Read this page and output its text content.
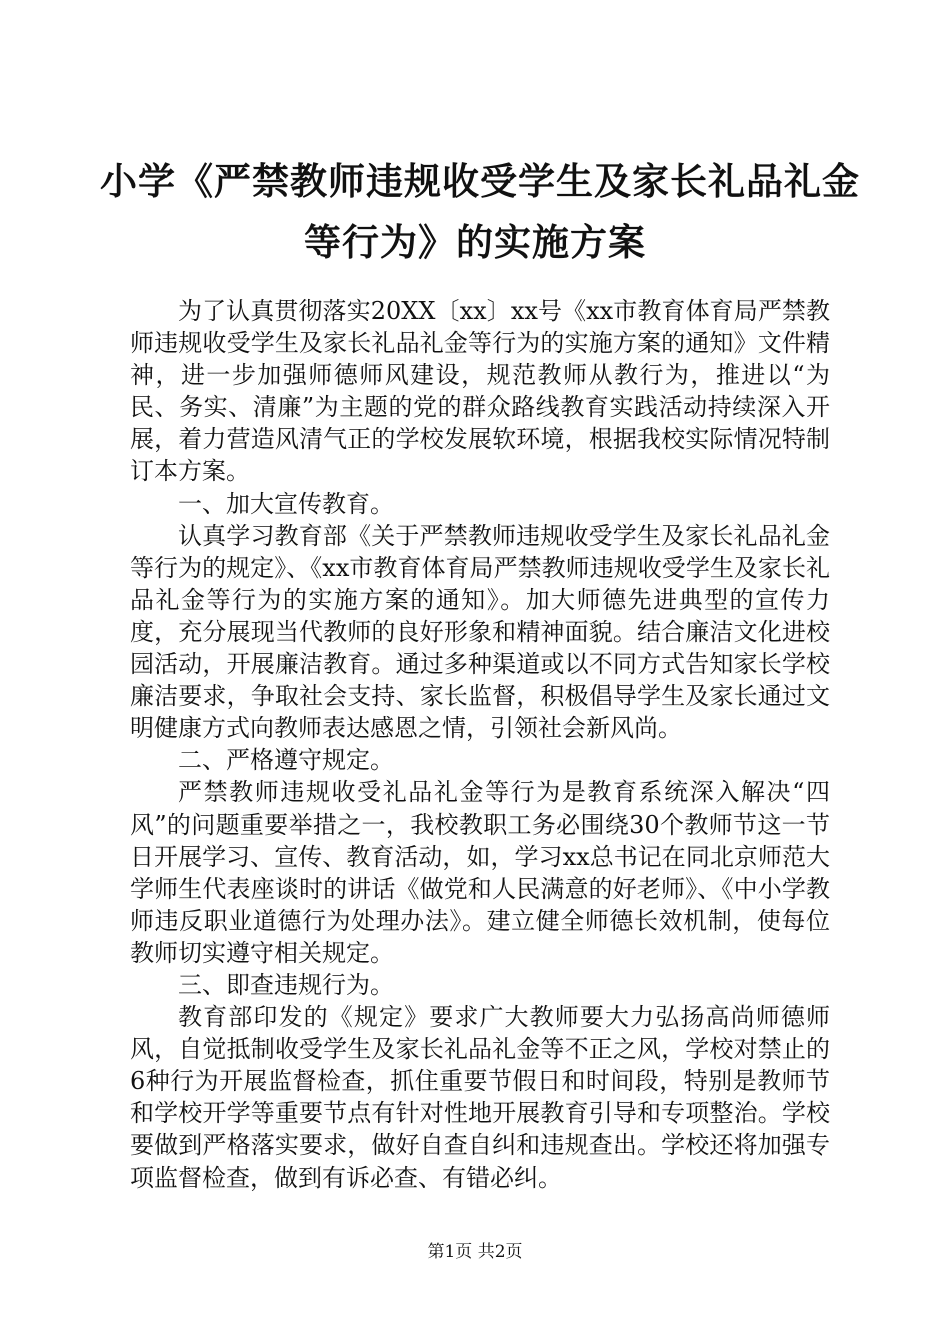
小学《严禁教师违规收受学生及家长礼品礼金
等行为》的实施方案

为了认真贯彻落实20XX〔xx〕xx号《xx市教育体育局严禁教师违规收受学生及家长礼品礼金等行为的实施方案的通知》文件精神，进一步加强师德师风建设，规范教师从教行为，推进以“为民、务实、清廉”为主题的党的群众路线教育实践活动持续深入开展，着力营造风清气正的学校发展软环境，根据我校实际情况特制订本方案。

一、加大宣传教育。

认真学习教育部《关于严禁教师违规收受学生及家长礼品礼金等行为的规定》、《xx市教育体育局严禁教师违规收受学生及家长礼品礼金等行为的实施方案的通知》。加大师德先进典型的宣传力度，充分展现当代教师的良好形象和精神面貌。结合廉洁文化进校园活动，开展廉洁教育。通过多种渠道或以不同方式告知家长学校廉洁要求，争取社会支持、家长监督，积极倡导学生及家长通过文明健康方式向教师表达感恩之情，引领社会新风尚。

二、严格遵守规定。

严禁教师违规收受礼品礼金等行为是教育系统深入解决“四风”的问题重要举措之一，我校教职工务必围绕30个教师节这一节日开展学习、宣传、教育活动，如，学习xx总书记在同北京师范大学师生代表座谈时的讲话《做党和人民满意的好老师》、《中小学教师违反职业道德行为处理办法》。建立健全师德长效机制，使每位教师切实遵守相关规定。

三、即查违规行为。

教育部印发的《规定》要求广大教师要大力弘扬高尚师德师风，自觉抵制收受学生及家长礼品礼金等不正之风，学校对禁止的6种行为开展监督检查，抓住重要节假日和时间段，特别是教师节和学校开学等重要节点有针对性地开展教育引导和专项整治。学校要做到严格落实要求，做好自查自纠和违规查出。学校还将加强专项监督检查，做到有诉必查、有错必纠。

第1页 共2页
